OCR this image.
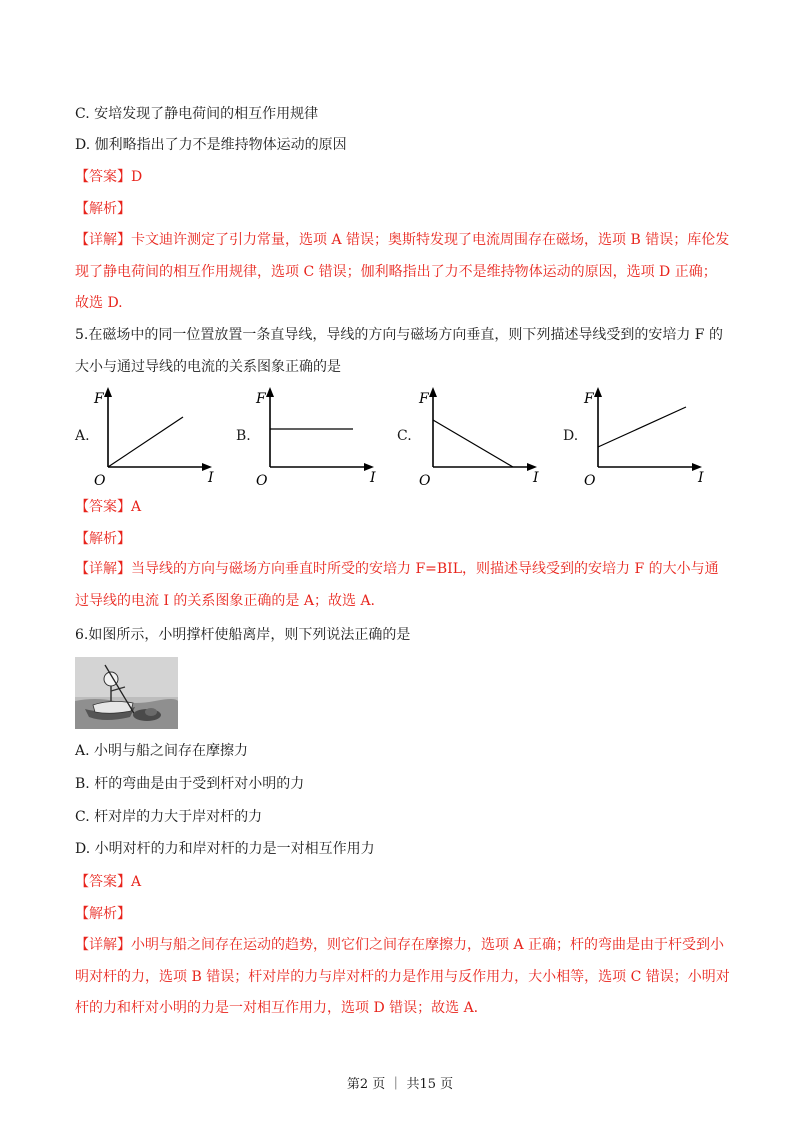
C. 安培发现了静电荷间的相互作用规律
D. 伽利略指出了力不是维持物体运动的原因
【答案】D
【解析】
【详解】卡文迪许测定了引力常量，选项 A 错误；奥斯特发现了电流周围存在磁场，选项 B 错误；库伦发现了静电荷间的相互作用规律，选项 C 错误；伽利略指出了力不是维持物体运动的原因，选项 D 正确；故选 D.
5.在磁场中的同一位置放置一条直导线，导线的方向与磁场方向垂直，则下列描述导线受到的安培力 F 的大小与通过导线的电流的关系图象正确的是
A.
F
I
O
B.
F
I
O
C.
F
I
O
D.
F
I
O
【答案】A
【解析】
【详解】当导线的方向与磁场方向垂直时所受的安培力 F=BIL，则描述导线受到的安培力 F 的大小与通过导线的电流 I 的关系图象正确的是 A；故选 A.
6.如图所示，小明撑杆使船离岸，则下列说法正确的是
A. 小明与船之间存在摩擦力
B. 杆的弯曲是由于受到杆对小明的力
C. 杆对岸的力大于岸对杆的力
D. 小明对杆的力和岸对杆的力是一对相互作用力
【答案】A
【解析】
【详解】小明与船之间存在运动的趋势，则它们之间存在摩擦力，选项 A 正确；杆的弯曲是由于杆受到小明对杆的力，选项 B 错误；杆对岸的力与岸对杆的力是作用与反作用力，大小相等，选项 C 错误；小明对杆的力和杆对小明的力是一对相互作用力，选项 D 错误；故选 A.
第2 页 ｜ 共15 页
